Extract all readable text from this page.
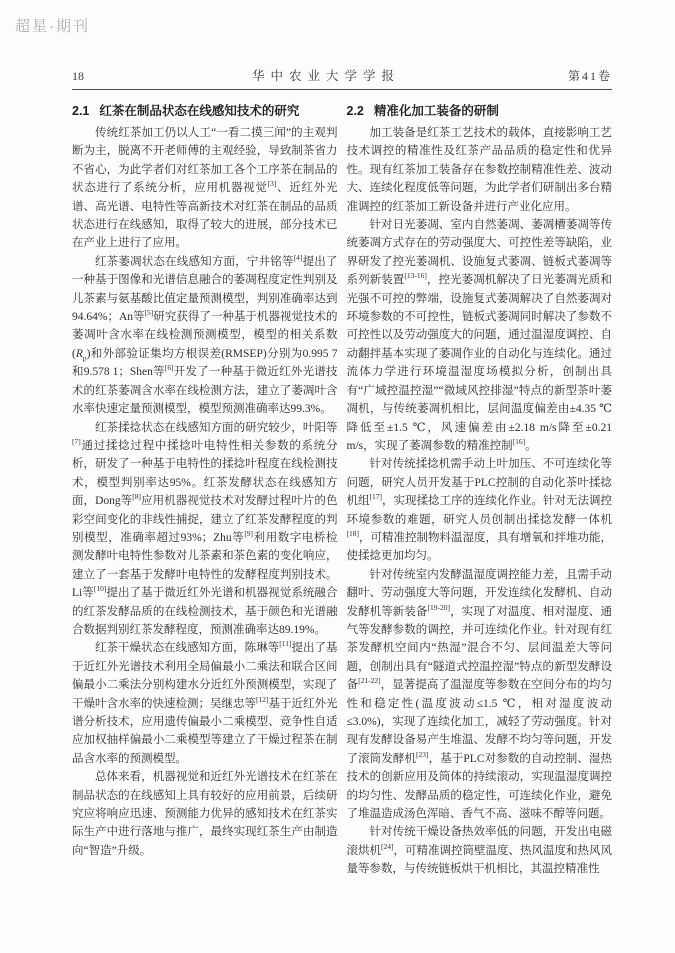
超星·期刊
18	华中农业大学学报	第41卷
2.1 红茶在制品状态在线感知技术的研究

传统红茶加工仍以人工“一看二摸三闻”的主观判断为主，脱离不开老师傅的主观经验，导致制茶省力不省心，为此学者们对红茶加工各个工序茶在制品的状态进行了系统分析，应用机器视觉[3]、近红外光谱、高光谱、电特性等高新技术对红茶在制品的品质状态进行在线感知，取得了较大的进展，部分技术已在产业上进行了应用。

红茶萎凋状态在线感知方面，宁井铭等[4]提出了一种基于图像和光谱信息融合的萎凋程度定性判别及儿茶素与氨基酸比值定量预测模型，判别准确率达到94.64%；An等[5]研究获得了一种基于机器视觉技术的萎凋叶含水率在线检测预测模型，模型的相关系数$(R_p)$和外部验证集均方根误差(RMSEP)分别为0.995 7和9.578 1；Shen等[6]开发了一种基于微近红外光谱技术的红茶萎凋含水率在线检测方法，建立了萎凋叶含水率快速定量预测模型，模型预测准确率达99.3%。

红茶揉捻状态在线感知方面的研究较少，叶阳等[7]通过揉捻过程中揉捻叶电特性相关参数的系统分析，研发了一种基于电特性的揉捻叶程度在线检测技术，模型判别率达95%。红茶发酵状态在线感知方面，Dong等[8]应用机器视觉技术对发酵过程叶片的色彩空间变化的非线性捕捉，建立了红茶发酵程度的判别模型，准确率超过93%；Zhu等[9]利用数字电桥检测发酵叶电特性参数对儿茶素和茶色素的变化响应，建立了一套基于发酵叶电特性的发酵程度判别技术。Li等[10]提出了基于微近红外光谱和机器视觉系统融合的红茶发酵品质的在线检测技术，基于颜色和光谱融合数据判别红茶发酵程度，预测准确率达89.19%。

红茶干燥状态在线感知方面，陈琳等[11]提出了基于近红外光谱技术利用全局偏最小二乘法和联合区间偏最小二乘法分别构建水分近红外预测模型，实现了干燥叶含水率的快速检测；吴继忠等[12]基于近红外光谱分析技术，应用遗传偏最小二乘模型、竞争性自适应加权抽样偏最小二乘模型等建立了干燥过程茶在制品含水率的预测模型。

总体来看，机器视觉和近红外光谱技术在红茶在制品状态的在线感知上具有较好的应用前景，后续研究应将响应迅速、预测能力优异的感知技术在红茶实际生产中进行落地与推广，最终实现红茶生产由制造向“智造”升级。

2.2 精准化加工装备的研制

加工装备是红茶工艺技术的载体，直接影响工艺技术调控的精准性及红茶产品品质的稳定性和优异性。现有红茶加工装备存在参数控制精准性差、波动大、连续化程度低等问题，为此学者们研制出多台精准调控的红茶加工新设备并进行产业化应用。

针对日光萎凋、室内自然萎凋、萎凋槽萎凋等传统萎凋方式存在的劳动强度大、可控性差等缺陷，业界研发了控光萎凋机、设施复式萎凋、链板式萎凋等系列新装置[13-16]，控光萎凋机解决了日光萎凋光质和光强不可控的弊端，设施复式萎凋解决了自然萎凋对环境参数的不可控性，链板式萎凋同时解决了参数不可控性以及劳动强度大的问题，通过温湿度调控、自动翻拌基本实现了萎凋作业的自动化与连续化。通过流体力学进行环境温湿度场模拟分析，创制出具有“广域控温控湿”“微域风控排湿”特点的新型茶叶萎凋机，与传统萎凋机相比，层间温度偏差由±4.35 ℃降低至±1.5 ℃，风速偏差由±2.18 m/s降至±0.21 m/s，实现了萎凋参数的精准控制[16]。

针对传统揉捻机需手动上叶加压、不可连续化等问题，研究人员开发基于PLC控制的自动化茶叶揉捻机组[17]，实现揉捻工序的连续化作业。针对无法调控环境参数的难题，研究人员创制出揉捻发酵一体机[18]，可精准控制物料温湿度，具有增氧和拌堆功能，使揉捻更加均匀。

针对传统室内发酵温湿度调控能力差，且需手动翻叶、劳动强度大等问题，开发连续化发酵机、自动发酵机等新装备[19-20]，实现了对温度、相对湿度、通气等发酵参数的调控，并可连续化作业。针对现有红茶发酵机空间内“热湿”混合不匀、层间温差大等问题，创制出具有“隧道式控温控湿”特点的新型发酵设备[21-22]，显著提高了温湿度等参数在空间分布的均匀性和稳定性(温度波动≤1.5 ℃，相对湿度波动≤3.0%)，实现了连续化加工，减轻了劳动强度。针对现有发酵设备易产生堆温、发酵不均匀等问题，开发了滚筒发酵机[23]，基于PLC对参数的自动控制、湿热技术的创新应用及筒体的持续滚动，实现温湿度调控的均匀性、发酵品质的稳定性，可连续化作业，避免了堆温造成汤色浑暗、香气不高、滋味不醇等问题。

针对传统干燥设备热效率低的问题，开发出电磁滚烘机[24]，可精准调控筒壁温度、热风温度和热风风量等参数，与传统链板烘干机相比，其温控精准性
